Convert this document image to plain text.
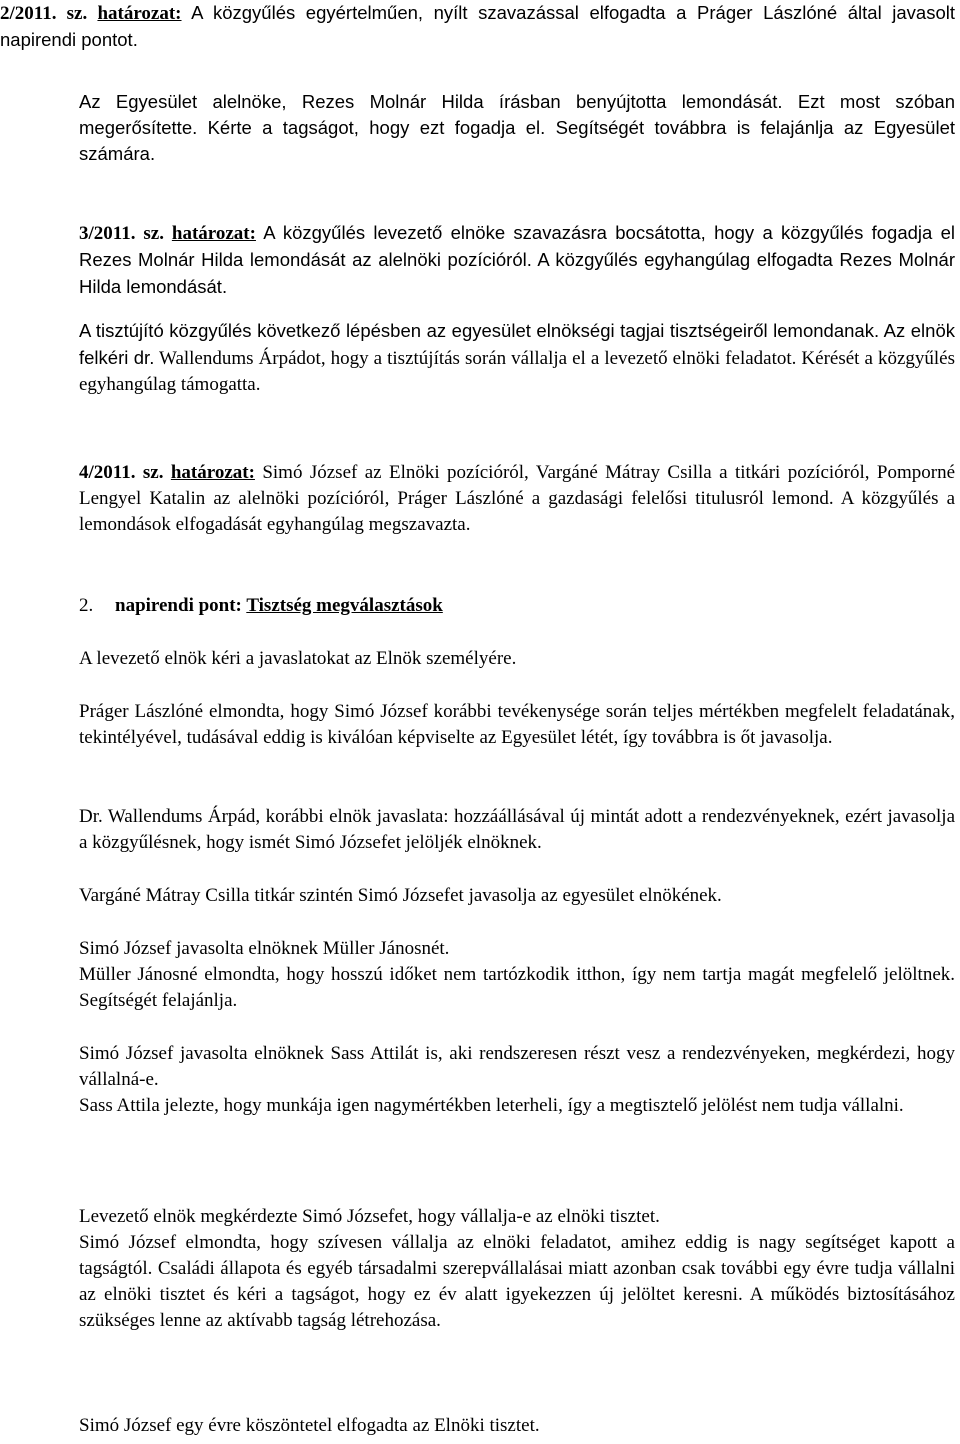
2/2011. sz. határozat: A közgyűlés egyértelműen, nyílt szavazással elfogadta a Práger Lászlóné által javasolt napirendi pontot.

Az Egyesület alelnöke, Rezes Molnár Hilda írásban benyújtotta lemondását. Ezt most szóban megerősítette. Kérte a tagságot, hogy ezt fogadja el. Segítségét továbbra is felajánlja az Egyesület számára.

3/2011. sz. határozat: A közgyűlés levezető elnöke szavazásra bocsátotta, hogy a közgyűlés fogadja el Rezes Molnár Hilda lemondását az alelnöki pozícióról. A közgyűlés egyhangúlag elfogadta Rezes Molnár Hilda lemondását.

A tisztújító közgyűlés következő lépésben az egyesület elnökségi tagjai tisztségeiről lemondanak. Az elnök felkéri dr. Wallendums Árpádot, hogy a tisztújítás során vállalja el a levezető elnöki feladatot. Kérését a közgyűlés egyhangúlag támogatta.

4/2011. sz. határozat: Simó József az Elnöki pozícióról, Vargáné Mátray Csilla a titkári pozícióról, Pomporné Lengyel Katalin az alelnöki pozícióról, Práger Lászlóné a gazdasági felelősi titulusról lemond. A közgyűlés a lemondások elfogadását egyhangúlag megszavazta.

2. napirendi pont: Tisztség megválasztások

A levezető elnök kéri a javaslatokat az Elnök személyére.

Práger Lászlóné elmondta, hogy Simó József korábbi tevékenysége során teljes mértékben megfelelt feladatának, tekintélyével, tudásával eddig is kiválóan képviselte az Egyesület létét, így továbbra is őt javasolja.

Dr. Wallendums Árpád, korábbi elnök javaslata: hozzáállásával új mintát adott a rendezvényeknek, ezért javasolja a közgyűlésnek, hogy ismét Simó Józsefet jelöljék elnöknek.

Vargáné Mátray Csilla titkár szintén Simó Józsefet javasolja az egyesület elnökének.

Simó József javasolta elnöknek Müller Jánosnét.

Müller Jánosné elmondta, hogy hosszú időket nem tartózkodik itthon, így nem tartja magát megfelelő jelöltnek. Segítségét felajánlja.

Simó József javasolta elnöknek Sass Attilát is, aki rendszeresen részt vesz a rendezvényeken, megkérdezi, hogy vállalná-e.

Sass Attila jelezte, hogy munkája igen nagymértékben leterheli, így a megtisztelő jelölést nem tudja vállalni.

Levezető elnök megkérdezte Simó Józsefet, hogy vállalja-e az elnöki tisztet.

Simó József elmondta, hogy szívesen vállalja az elnöki feladatot, amihez eddig is nagy segítséget kapott a tagságtól. Családi állapota és egyéb társadalmi szerepvállalásai miatt azonban csak további egy évre tudja vállalni az elnöki tisztet és kéri a tagságot, hogy ez év alatt igyekezzen új jelöltet keresni. A működés biztosításához szükséges lenne az aktívabb tagság létrehozása.

Simó József egy évre köszöntetel elfogadta az Elnöki tisztet.
